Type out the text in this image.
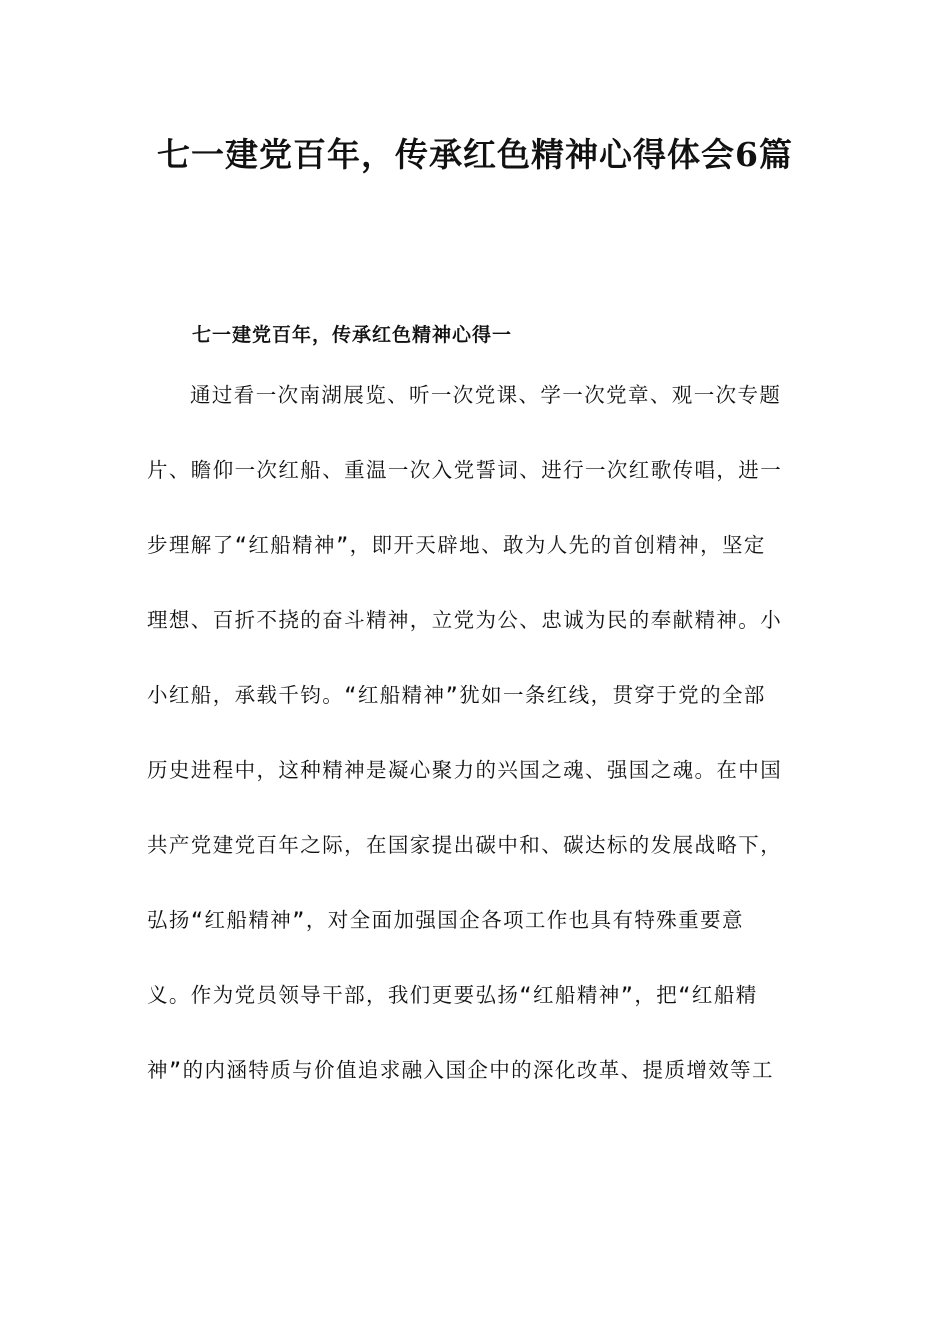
七一建党百年，传承红色精神心得体会6篇
七一建党百年，传承红色精神心得一
通过看一次南湖展览、听一次党课、学一次党章、观一次专题
片、瞻仰一次红船、重温一次入党誓词、进行一次红歌传唱，进一
步理解了“红船精神”，即开天辟地、敢为人先的首创精神，坚定
理想、百折不挠的奋斗精神，立党为公、忠诚为民的奉献精神。小
小红船，承载千钧。“红船精神”犹如一条红线，贯穿于党的全部
历史进程中，这种精神是凝心聚力的兴国之魂、强国之魂。在中国
共产党建党百年之际，在国家提出碳中和、碳达标的发展战略下，
弘扬“红船精神”，对全面加强国企各项工作也具有特殊重要意
义。作为党员领导干部，我们更要弘扬“红船精神”，把“红船精
神”的内涵特质与价值追求融入国企中的深化改革、提质增效等工
